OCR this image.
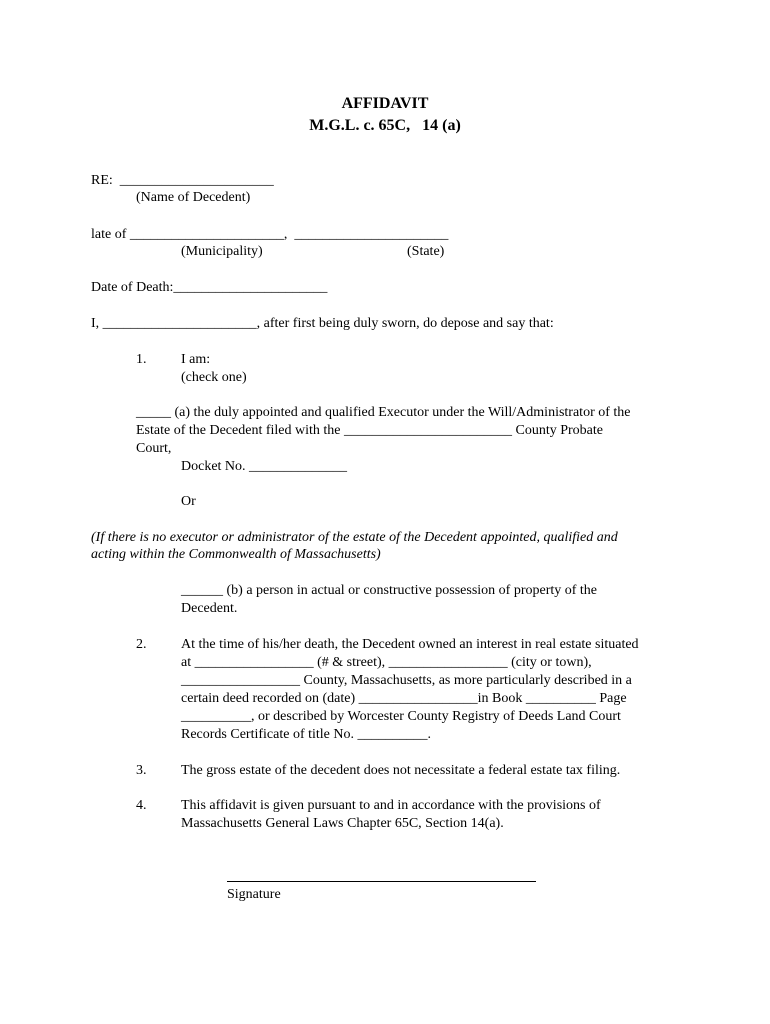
AFFIDAVIT
M.G.L. c. 65C,   14 (a)
RE:  ______________________
(Name of Decedent)
late of ______________________,  ______________________
(Municipality)	(State)
Date of Death:______________________
I, ______________________, after first being duly sworn, do depose and say that:
1. I am:
(check one)
_____ (a) the duly appointed and qualified Executor under the Will/Administrator of the
Estate of the Decedent filed with the ________________________ County Probate
Court,
Docket No. ______________
Or
(If there is no executor or administrator of the estate of the Decedent appointed, qualified and
acting within the Commonwealth of Massachusetts)
______ (b) a person in actual or constructive possession of property of the
Decedent.
2. At the time of his/her death, the Decedent owned an interest in real estate situated
at _________________ (# & street), _________________ (city or town),
_________________ County, Massachusetts, as more particularly described in a
certain deed recorded on (date) _________________in Book __________ Page
__________, or described by Worcester County Registry of Deeds Land Court
Records Certificate of title No. __________.
3. The gross estate of the decedent does not necessitate a federal estate tax filing.
4. This affidavit is given pursuant to and in accordance with the provisions of
Massachusetts General Laws Chapter 65C, Section 14(a).
Signature
